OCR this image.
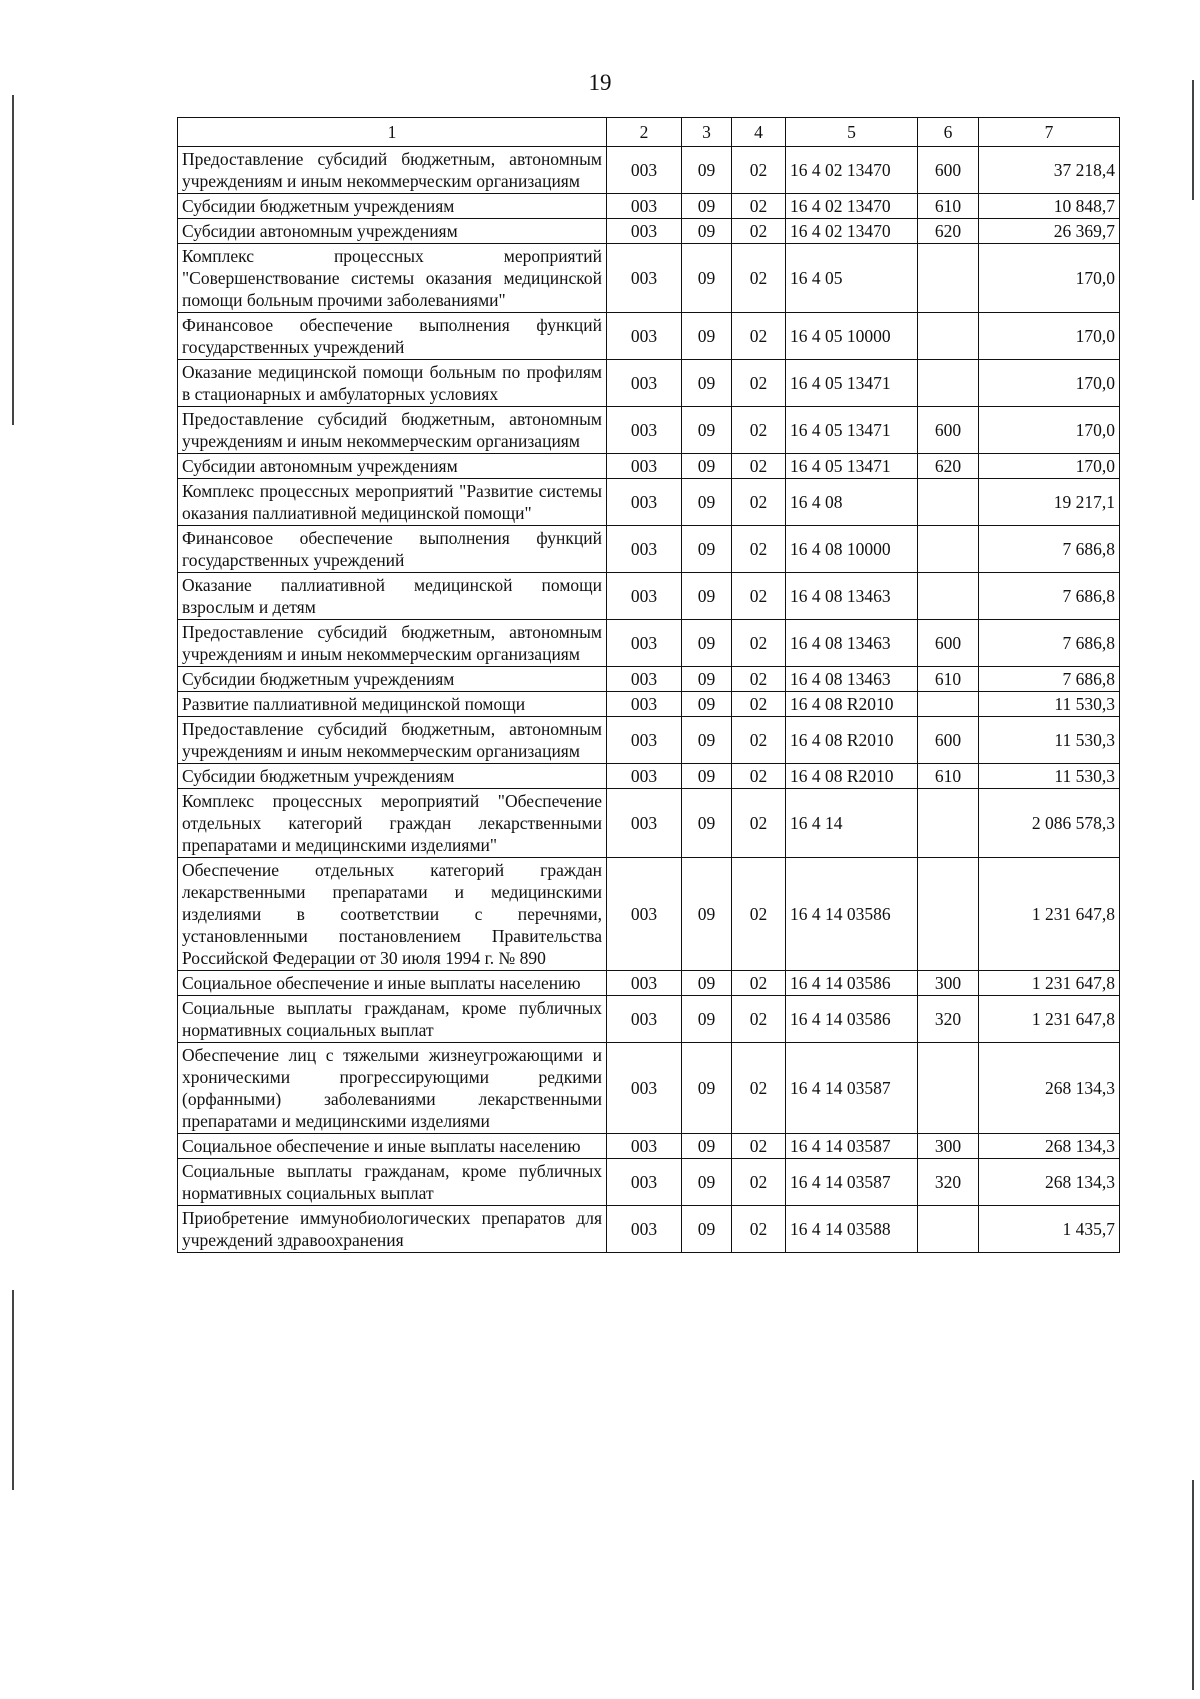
19
1	2	3	4	5	6	7
Предоставление субсидий бюджетным, автономным учреждениям и иным некоммерческим организациям	003	09	02	16 4 02 13470	600	37 218,4
Субсидии бюджетным учреждениям	003	09	02	16 4 02 13470	610	10 848,7
Субсидии автономным учреждениям	003	09	02	16 4 02 13470	620	26 369,7
Комплекс процессных мероприятий "Совершенствование системы оказания медицинской помощи больным прочими заболеваниями"	003	09	02	16 4 05		170,0
Финансовое обеспечение выполнения функций государственных учреждений	003	09	02	16 4 05 10000		170,0
Оказание медицинской помощи больным по профилям в стационарных и амбулаторных условиях	003	09	02	16 4 05 13471		170,0
Предоставление субсидий бюджетным, автономным учреждениям и иным некоммерческим организациям	003	09	02	16 4 05 13471	600	170,0
Субсидии автономным учреждениям	003	09	02	16 4 05 13471	620	170,0
Комплекс процессных мероприятий "Развитие системы оказания паллиативной медицинской помощи"	003	09	02	16 4 08		19 217,1
Финансовое обеспечение выполнения функций государственных учреждений	003	09	02	16 4 08 10000		7 686,8
Оказание паллиативной медицинской помощи взрослым и детям	003	09	02	16 4 08 13463		7 686,8
Предоставление субсидий бюджетным, автономным учреждениям и иным некоммерческим организациям	003	09	02	16 4 08 13463	600	7 686,8
Субсидии бюджетным учреждениям	003	09	02	16 4 08 13463	610	7 686,8
Развитие паллиативной медицинской помощи	003	09	02	16 4 08 R2010		11 530,3
Предоставление субсидий бюджетным, автономным учреждениям и иным некоммерческим организациям	003	09	02	16 4 08 R2010	600	11 530,3
Субсидии бюджетным учреждениям	003	09	02	16 4 08 R2010	610	11 530,3
Комплекс процессных мероприятий "Обеспечение отдельных категорий граждан лекарственными препаратами и медицинскими изделиями"	003	09	02	16 4 14		2 086 578,3
Обеспечение отдельных категорий граждан лекарственными препаратами и медицинскими изделиями в соответствии с перечнями, установленными постановлением Правительства Российской Федерации от 30 июля 1994 г. № 890	003	09	02	16 4 14 03586		1 231 647,8
Социальное обеспечение и иные выплаты населению	003	09	02	16 4 14 03586	300	1 231 647,8
Социальные выплаты гражданам, кроме публичных нормативных социальных выплат	003	09	02	16 4 14 03586	320	1 231 647,8
Обеспечение лиц с тяжелыми жизнеугрожающими и хроническими прогрессирующими редкими (орфанными) заболеваниями лекарственными препаратами и медицинскими изделиями	003	09	02	16 4 14 03587		268 134,3
Социальное обеспечение и иные выплаты населению	003	09	02	16 4 14 03587	300	268 134,3
Социальные выплаты гражданам, кроме публичных нормативных социальных выплат	003	09	02	16 4 14 03587	320	268 134,3
Приобретение иммунобиологических препаратов для учреждений здравоохранения	003	09	02	16 4 14 03588		1 435,7
